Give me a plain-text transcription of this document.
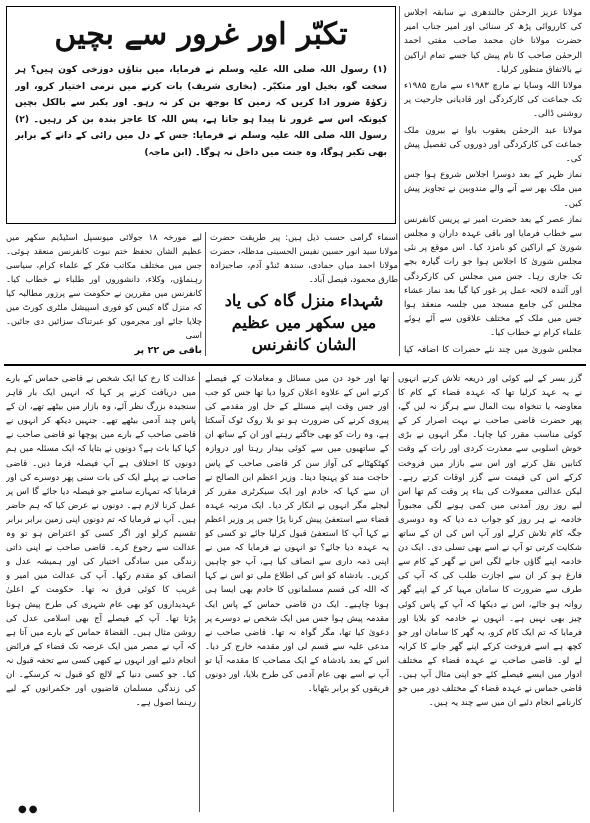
مولانا عزیز الرحمٰن جالندھری نے سابقہ اجلاس کی کارروائی پڑھ کر سنائی اور امیر جناب امیر حضرت مولانا خان محمد صاحب مفتی احمد الرحمٰن صاحب کا نام پیش کیا جسے تمام اراکین نے بالاتفاق منظور کرلیا۔

مولانا اللہ وسایا نے مارچ ۱۹۸۳ء سے مارچ ۱۹۸۵ء تک جماعت کی کارکردگی اور قادیانی جارحیت پر روشنی ڈالی۔

مولانا عبد الرحمٰن یعقوب باوا نے بیرون ملک جماعت کی کارکردگی اور دوروں کی تفصیل پیش کی۔

نماز ظہر کے بعد دوسرا اجلاس شروع ہوا جس میں ملک بھر سے آنے والے مندوبین نے تجاویز پیش کیں۔

نماز عصر کے بعد حضرت امیر نے پریس کانفرنس سے خطاب فرمایا اور باقی عہدہ داران و مجلس شوریٰ کے اراکین کو نامزد کیا۔ اس موقع پر نئی مجلس شوریٰ کا اجلاس ہوا جو رات گیارہ بجے تک جاری رہا۔ جس میں مجلس کی کارکردگی اور آئندہ لائحہ عمل پر غور کیا گیا بعد نماز عشاء مجلس کی جامع مسجد میں جلسہ منعقد ہوا جس میں ملک کے مختلف علاقوں سے آئے ہوئے علماء کرام نے خطاب کیا۔

مجلس شوریٰ میں چند نئے حضرات کا اضافہ کیا

تکبّر اور غرور سے بچیں
(۱) رسول اللہ صلی اللہ علیہ وسلم نے فرمایا، میں بتاؤں دوزخی کون ہیں؟ ہر سخت گو، بخیل اور متکبّر۔ (بخاری شریف) بات کرنے میں نرمی اختیار کرو، اور زکوٰۃ ضرور ادا کریں کہ زمین کا بوجھ بن کر نہ رہو۔ اور بکبر سے بالکل بچیں کیونکہ اس سے غرور نا پیدا ہو جاتا ہے، پس اللہ کا عاجز بندہ بن کر رہیں۔ (۲) رسول اللہ صلی اللہ علیہ وسلم نے فرمایا: جس کے دل میں رائی کے دانے کے برابر بھی تکبر ہوگا، وہ جنت میں داخل نہ ہوگا۔ (ابن ماجہ)

اسماء گرامی حسب ذیل ہیں: پیر طریقت حضرت مولانا سید انور حسین نفیس الحسینی مدظلہ، حضرت مولانا احمد میاں حمادی، سندھ ٹنڈو آدم، صاحبزادہ طارق محمود، فیصل آباد۔

شہداء منزل گاہ کی یاد میں سکھر میں عظیم الشان کانفرنس

لیے مورخہ ۱۸ جولائی میونسپل اسٹیڈیم سکھر میں عظیم الشان تحفظ ختم نبوت کانفرنس منعقد ہوئی۔ جس میں مختلف مکاتب فکر کے علماء کرام، سیاسی رہنماؤں، وکلاء، دانشوروں اور طلباء نے خطاب کیا۔ کانفرنس میں مقررین نے حکومت سے پرزور مطالبہ کیا کہ منزل گاہ کیس کو فوری اسپیشل ملٹری کورٹ میں چلایا جائے اور مجرموں کو عبرتناک سزائیں دی جائیں۔ اسی

باقی ص ۲۲ پر

گزر بسر کے لیے کوئی اور ذریعہ تلاش کرتے انہوں نے یہ عہد کرلیا تھا کہ عہدہ قضاء کے کام کا معاوضہ یا تنخواہ بیت المال سے ہرگز نہ لیں گے، پھر حضرت قاضی صاحب نے بہت اصرار کر کے کوئی مناسب مقرر کیا چاہا۔ مگر انہوں نے بڑی خوش اسلوبی سے معذرت کردی اور رات کے وقت کتابیں نقل کرتے اور اس سے بازار میں فروخت کرکے اس کی قیمت سے گزر اوقات کرتے رہے۔ لیکن عدالتی معمولات کی بناء پر وقت کم تھا اس لیے روز روز آمدنی میں کمی ہونے لگی مجبوراً خادمہ نے ہر روز کو جواب دے دیا کہ وہ دوسری جگہ کام تلاش کرلے اور آپ اس کی ان کے ساتھ شکایت کرتی تو آپ نے اسے بھی تسلی دی۔ ایک دن خادمہ اپنے گاؤں جانے لگی اس نے گھر کے کام سے فارغ ہو کر ان سے اجازت طلب کی کہ آپ کی طرف سے ضرورت کا سامان مہیا کر کے اپنے گھر روانہ ہو جائے، اس نے دیکھا کہ آپ کے پاس کوئی چیز بھی نہیں ہے۔ انہوں نے خادمہ کو بلایا اور فرمایا کہ تم ایک کام کرو، یہ گھر کا سامان اور جو کچھ ہے اسے فروخت کرکے اپنے گھر جانے کا کرایہ لے لو۔ قاضی صاحب نے عہدہ قضاء کے مختلف ادوار میں ایسے فیصلے کئے جو اپنی مثال آپ ہیں۔ قاضی حماس نے عہدہ قضاء کے مختلف دور میں جو کارنامے انجام دئیے ان میں سے چند یہ ہیں۔

تھا اور خود دن میں مسائل و معاملات کے فیصلے کرتے اس کے علاوہ اعلان کروا دیا تھا جس کو جب اور جس وقت اپنے مسئلے کے حل اور مقدمے کی پیروی کرنے کی ضرورت ہو تو بلا روک ٹوک آسکتا ہے، وہ رات کو بھی جاگتے رہتے اور ان کے ساتھ ان کے ساتھیوں میں سے کوئی بیدار رہتا اور دروازہ کھٹکھٹانے کی آواز سن کر قاضی صاحب کے پاس حاجت مند کو پہنچا دیتا۔ وزیر اعظم ابن الصالح نے ان سے کہا کہ خادم اور ایک سیکرٹری مقرر کر لیجئے مگر انہوں نے انکار کر دیا۔ ایک مرتبہ عہدہ قضاء سے استعفیٰ پیش کرنا پڑا جس پر وزیر اعظم نے کہا آپ کا استعفیٰ قبول کرلیا جائے تو کسی کو یہ عہدہ دیا جائے؟ تو انہوں نے فرمایا کہ میں نے اپنی ذمہ داری سے انصاف کیا ہے، آپ جو چاہیں کریں۔ بادشاہ کو اس کی اطلاع ملی تو اس نے کہا کہ اللہ کی قسم مسلمانوں کا خادم بھی ایسا ہی ہونا چاہیے۔ ایک دن قاضی حماس کے پاس ایک مقدمہ پیش ہوا جس میں ایک شخص نے دوسرے پر دعویٰ کیا تھا، مگر گواہ نہ تھا۔ قاضی صاحب نے مدعی علیہ سے قسم لی اور مقدمہ خارج کر دیا۔ اس کے بعد بادشاہ کے ایک مصاحب کا مقدمہ آیا تو آپ نے اسے بھی عام آدمی کی طرح بلایا، اور دونوں فریقوں کو برابر بٹھایا۔

عدالت کا رخ کیا ایک شخص نے قاضی حماس کے بارے میں دریافت کرنے پر کہا کہ انہیں ایک بار قاہر سنجیدہ بزرگ نظر آئے، وہ بازار میں بیٹھے تھے، ان کے پاس چند آدمی بیٹھے تھے۔ جنہیں دیکھ کر انہوں نے قاضی صاحب کے بارے میں پوچھا تو قاضی صاحب نے کہا کیا بات ہے؟ دونوں نے بتایا کہ ایک مسئلہ میں ہم دونوں کا اختلاف ہے آپ فیصلہ فرما دیں۔ قاضی صاحب نے پہلے ایک کی بات سنی پھر دوسرے کی اور فرمایا کہ تمہارے سامنے جو فیصلہ دیا جائے گا اس پر عمل کرنا لازم ہے۔ دونوں نے عرض کیا کہ ہم حاضر ہیں۔ آپ نے فرمایا کہ تم دونوں اپنی زمین برابر برابر تقسیم کرلو اور اگر کسی کو اعتراض ہو تو وہ عدالت سے رجوع کرے۔ قاضی صاحب نے اپنی ذاتی زندگی میں سادگی اختیار کی اور ہمیشہ عدل و انصاف کو مقدم رکھا۔ آپ کی عدالت میں امیر و غریب کا کوئی فرق نہ تھا۔ حکومت کے اعلیٰ عہدیداروں کو بھی عام شہری کی طرح پیش ہونا پڑتا تھا۔ آپ کے فیصلے آج بھی اسلامی عدل کی روشن مثال ہیں۔ القضاۃ حماس کے بارے میں آتا ہے کہ آپ نے مصر میں ایک عرصہ تک قضاء کے فرائض انجام دئیے اور انہوں نے کبھی کسی سے تحفہ قبول نہ کیا۔ جو کسی دنیا کے لالچ کو قبول نہ کرسکے۔ ان کی زندگی مسلمان قاضیوں اور حکمرانوں کے لیے رہنما اصول ہے۔

●●
